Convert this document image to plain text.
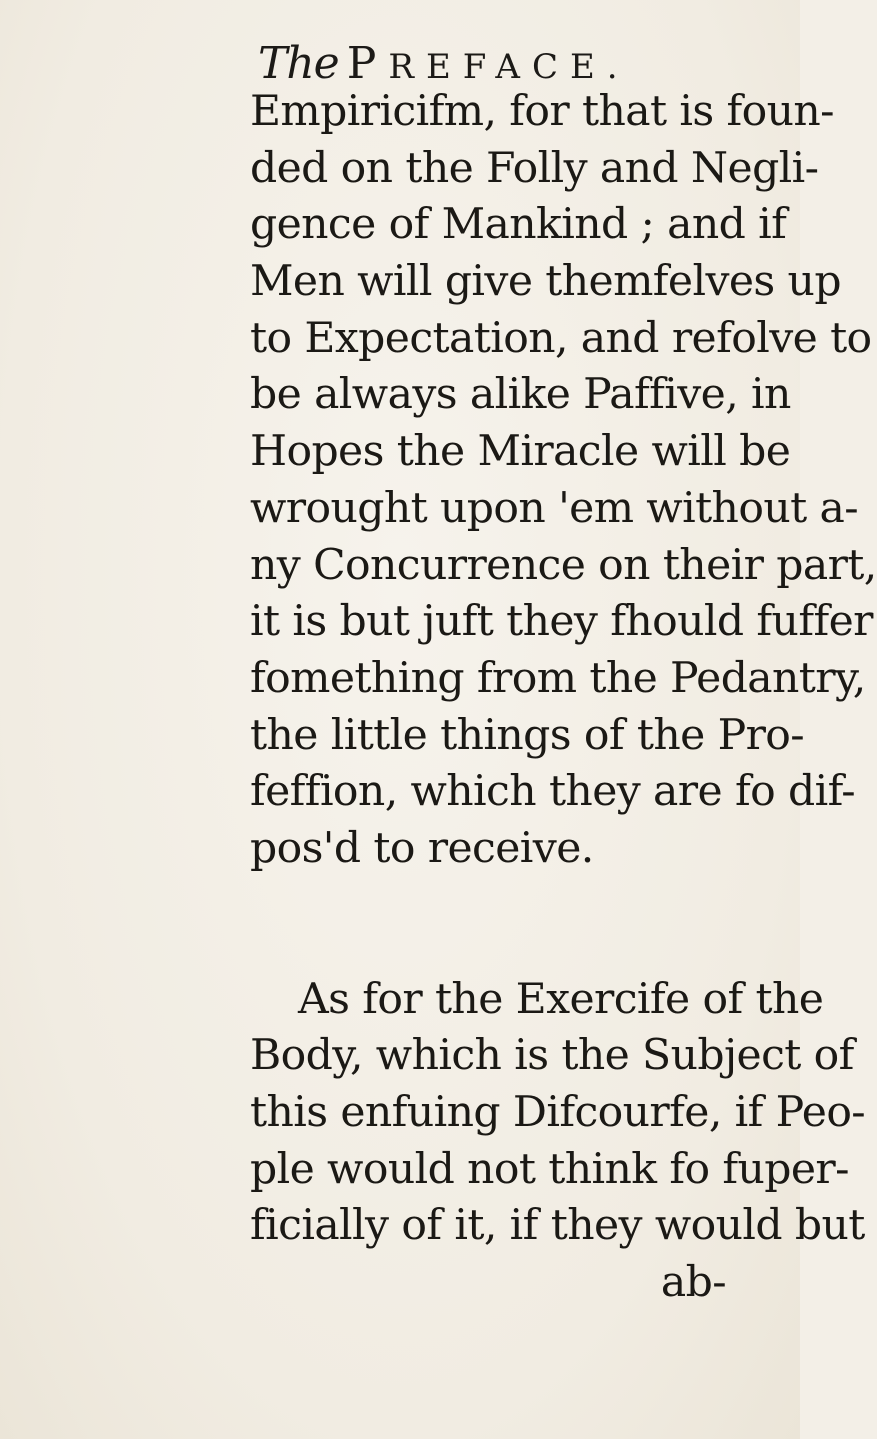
The PREFACE.
Empiricifm, for that is foun-
ded on the Folly and Negli-
gence of Mankind ; and if
Men will give themfelves up
to Expectation, and refolve to
be always alike Paffive, in
Hopes the Miracle will be
wrought upon 'em without a-
ny Concurrence on their part,
it is but juft they fhould fuffer
fomething from the Pedantry,
the little things of the Pro-
feffion, which they are fo dif-
pos'd to receive.
As for the Exercife of the
Body, which is the Subject of
this enfuing Difcourfe, if Peo-
ple would not think fo fuper-
ficially of it, if they would but
ab-
